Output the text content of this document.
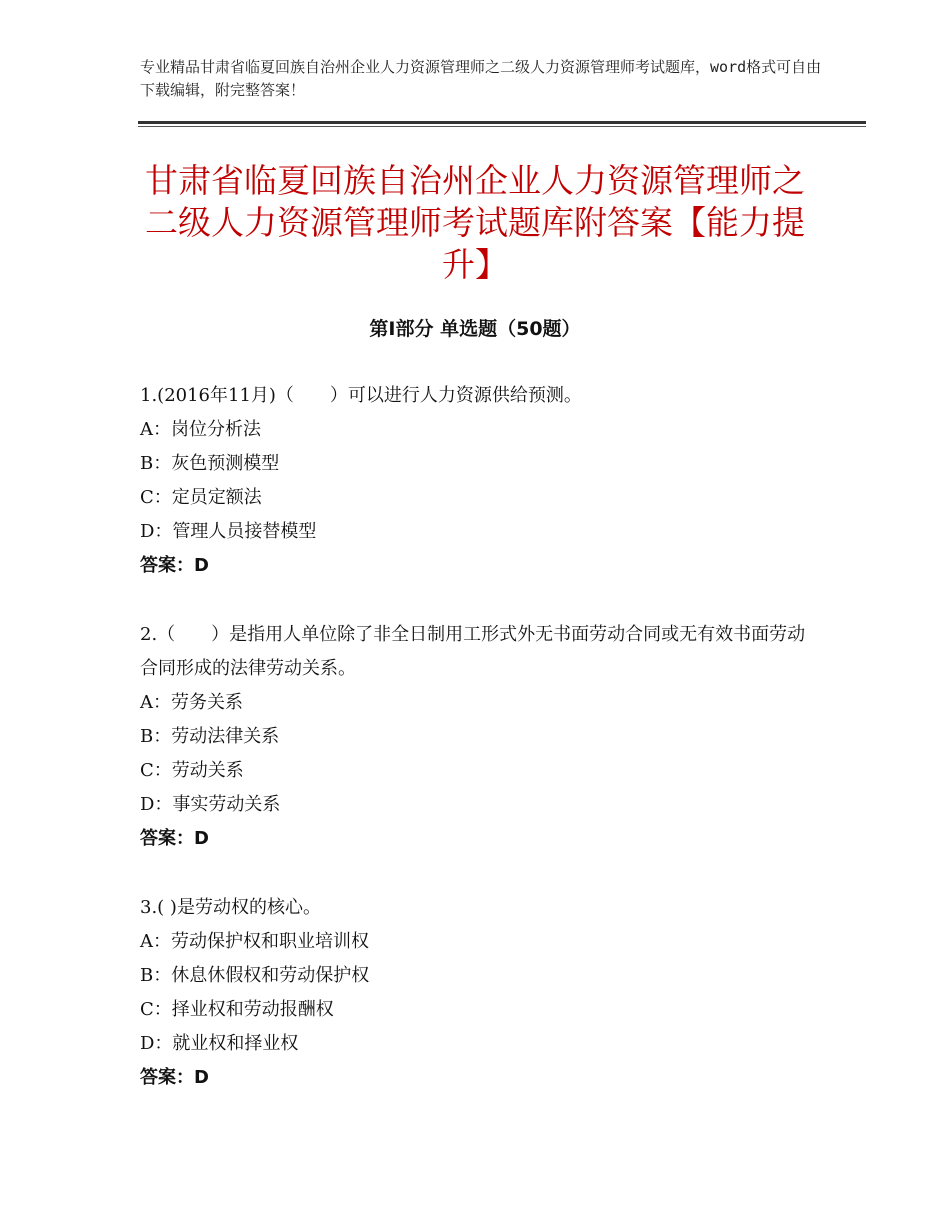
专业精品甘肃省临夏回族自治州企业人力资源管理师之二级人力资源管理师考试题库，word格式可自由下载编辑，附完整答案！
甘肃省临夏回族自治州企业人力资源管理师之二级人力资源管理师考试题库附答案【能力提升】
第Ⅰ部分 单选题（50题）

1.(2016年11月)（　　）可以进行人力资源供给预测。

A：岗位分析法

B：灰色预测模型

C：定员定额法

D：管理人员接替模型

答案：D

2.（　　）是指用人单位除了非全日制用工形式外无书面劳动合同或无有效书面劳动合同形成的法律劳动关系。

A：劳务关系

B：劳动法律关系

C：劳动关系

D：事实劳动关系

答案：D

3.( )是劳动权的核心。

A：劳动保护权和职业培训权

B：休息休假权和劳动保护权

C：择业权和劳动报酬权

D：就业权和择业权

答案：D
